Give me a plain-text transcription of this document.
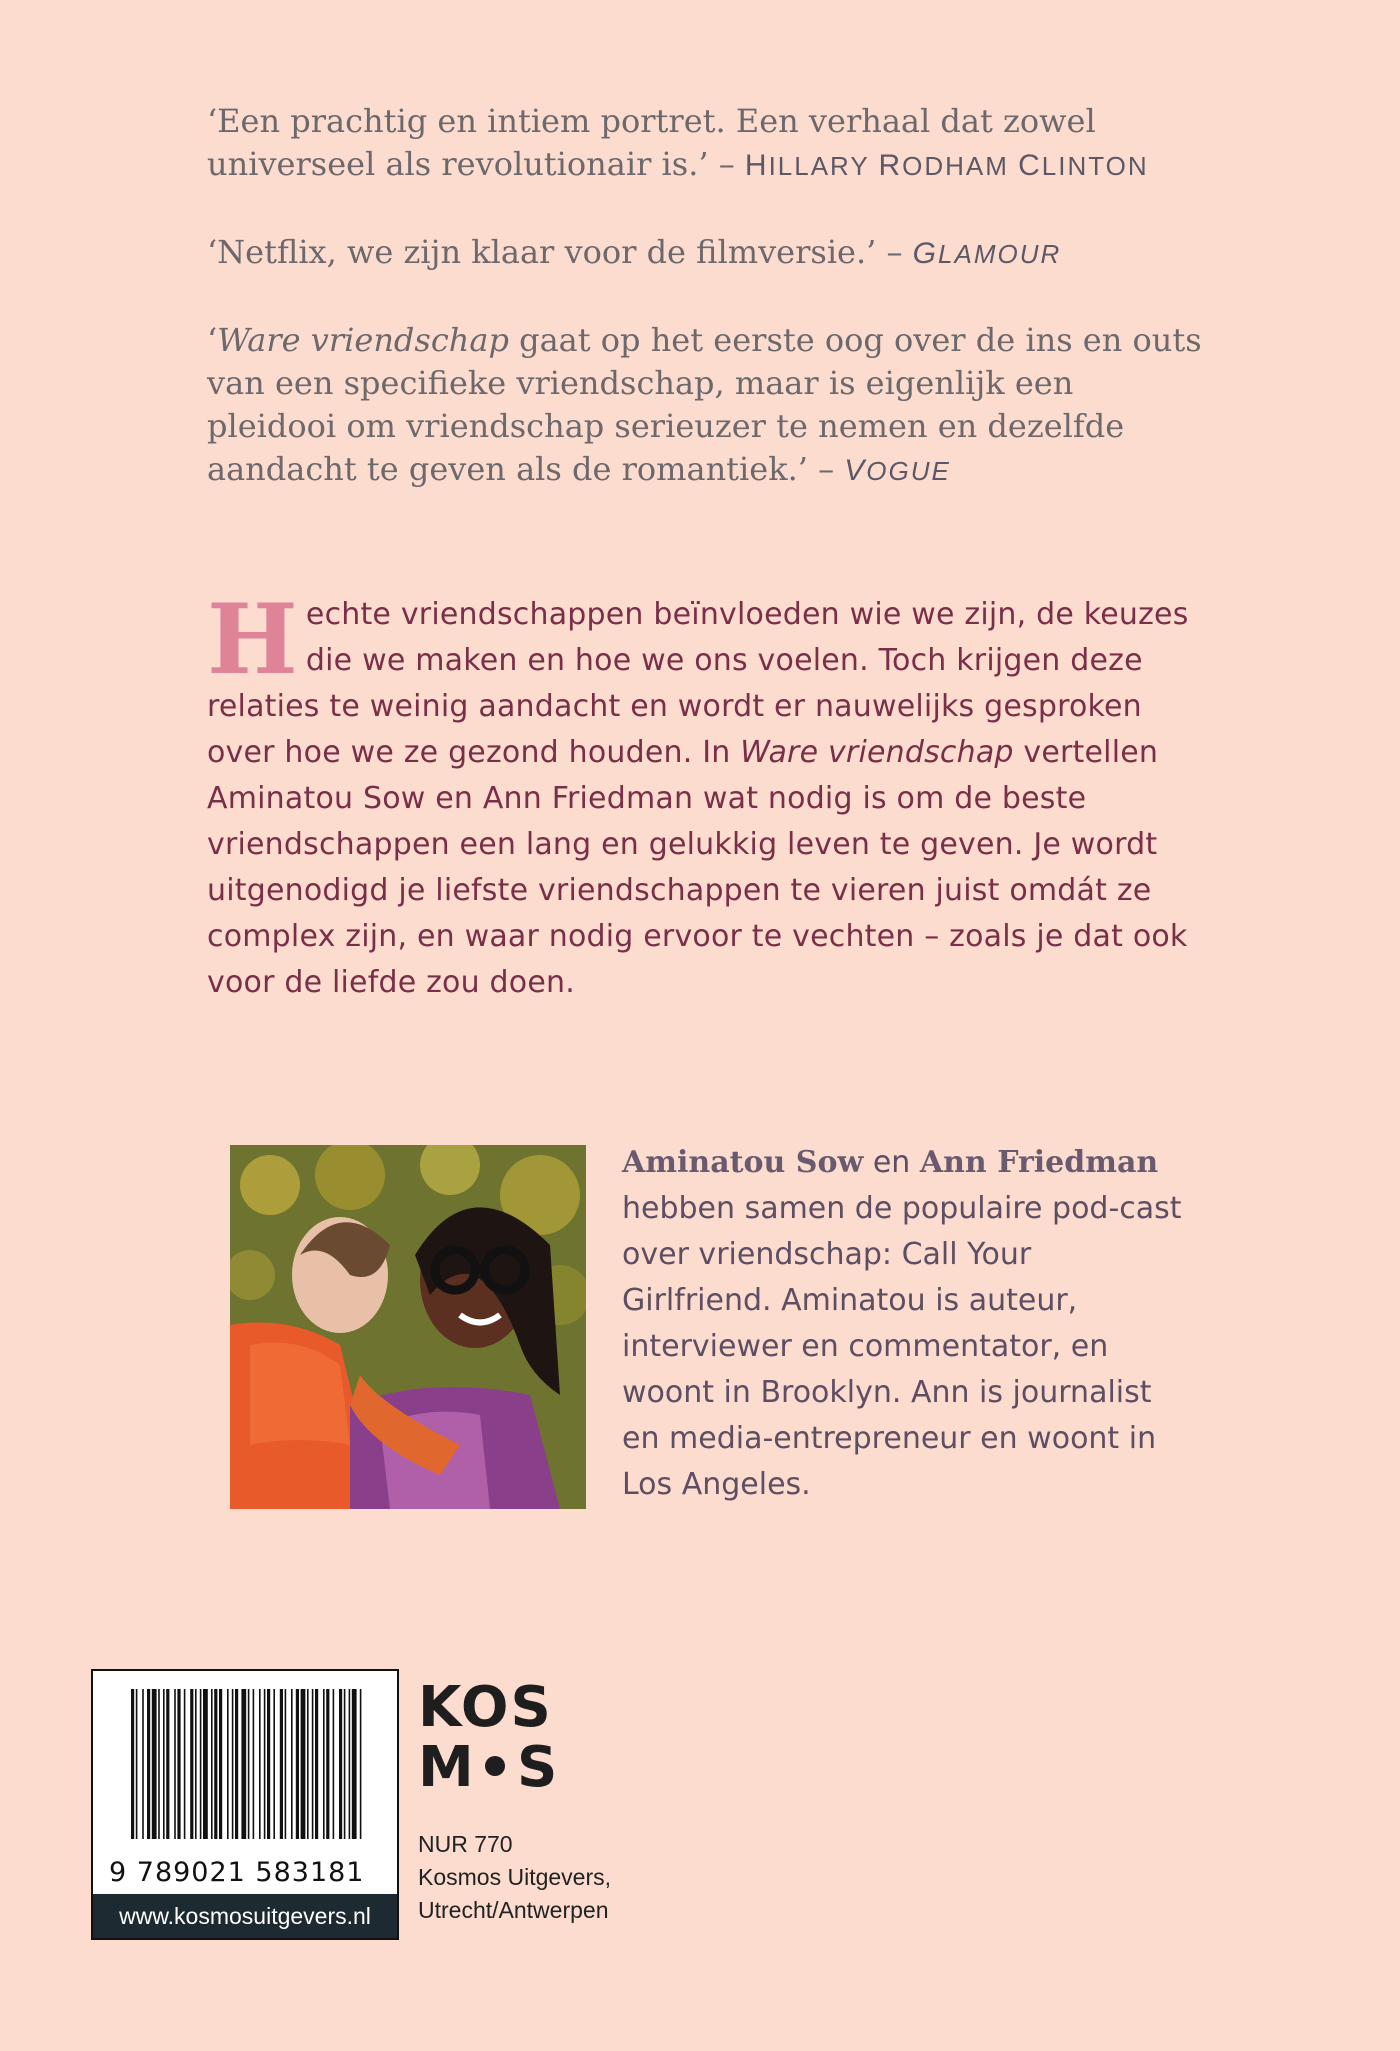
‘Een prachtig en intiem portret. Een verhaal dat zowel universeel als revolutionair is.’ – HILLARY RODHAM CLINTON

‘Netflix, we zijn klaar voor de filmversie.’ – GLAMOUR

‘Ware vriendschap gaat op het eerste oog over de ins en outs van een specifieke vriendschap, maar is eigenlijk een pleidooi om vriendschap serieuzer te nemen en dezelfde aandacht te geven als de romantiek.’ – VOGUE

Hechte vriendschappen beïnvloeden wie we zijn, de keuzes die we maken en hoe we ons voelen. Toch krijgen deze relaties te weinig aandacht en wordt er nauwelijks gesproken over hoe we ze gezond houden. In Ware vriendschap vertellen Aminatou Sow en Ann Friedman wat nodig is om de beste vriendschappen een lang en gelukkig leven te geven. Je wordt uitgenodigd je liefste vriendschappen te vieren juist omdát ze complex zijn, en waar nodig ervoor te vechten – zoals je dat ook voor de liefde zou doen.
Aminatou Sow en Ann Friedman hebben samen de populaire pod-cast over vriendschap: Call Your Girlfriend. Aminatou is auteur, interviewer en commentator, en woont in Brooklyn. Ann is journalist en media-entrepreneur en woont in Los Angeles.
9 789021 583181
www.kosmosuitgevers.nl
KOS
M S
NUR 770
Kosmos Uitgevers,
Utrecht/Antwerpen
